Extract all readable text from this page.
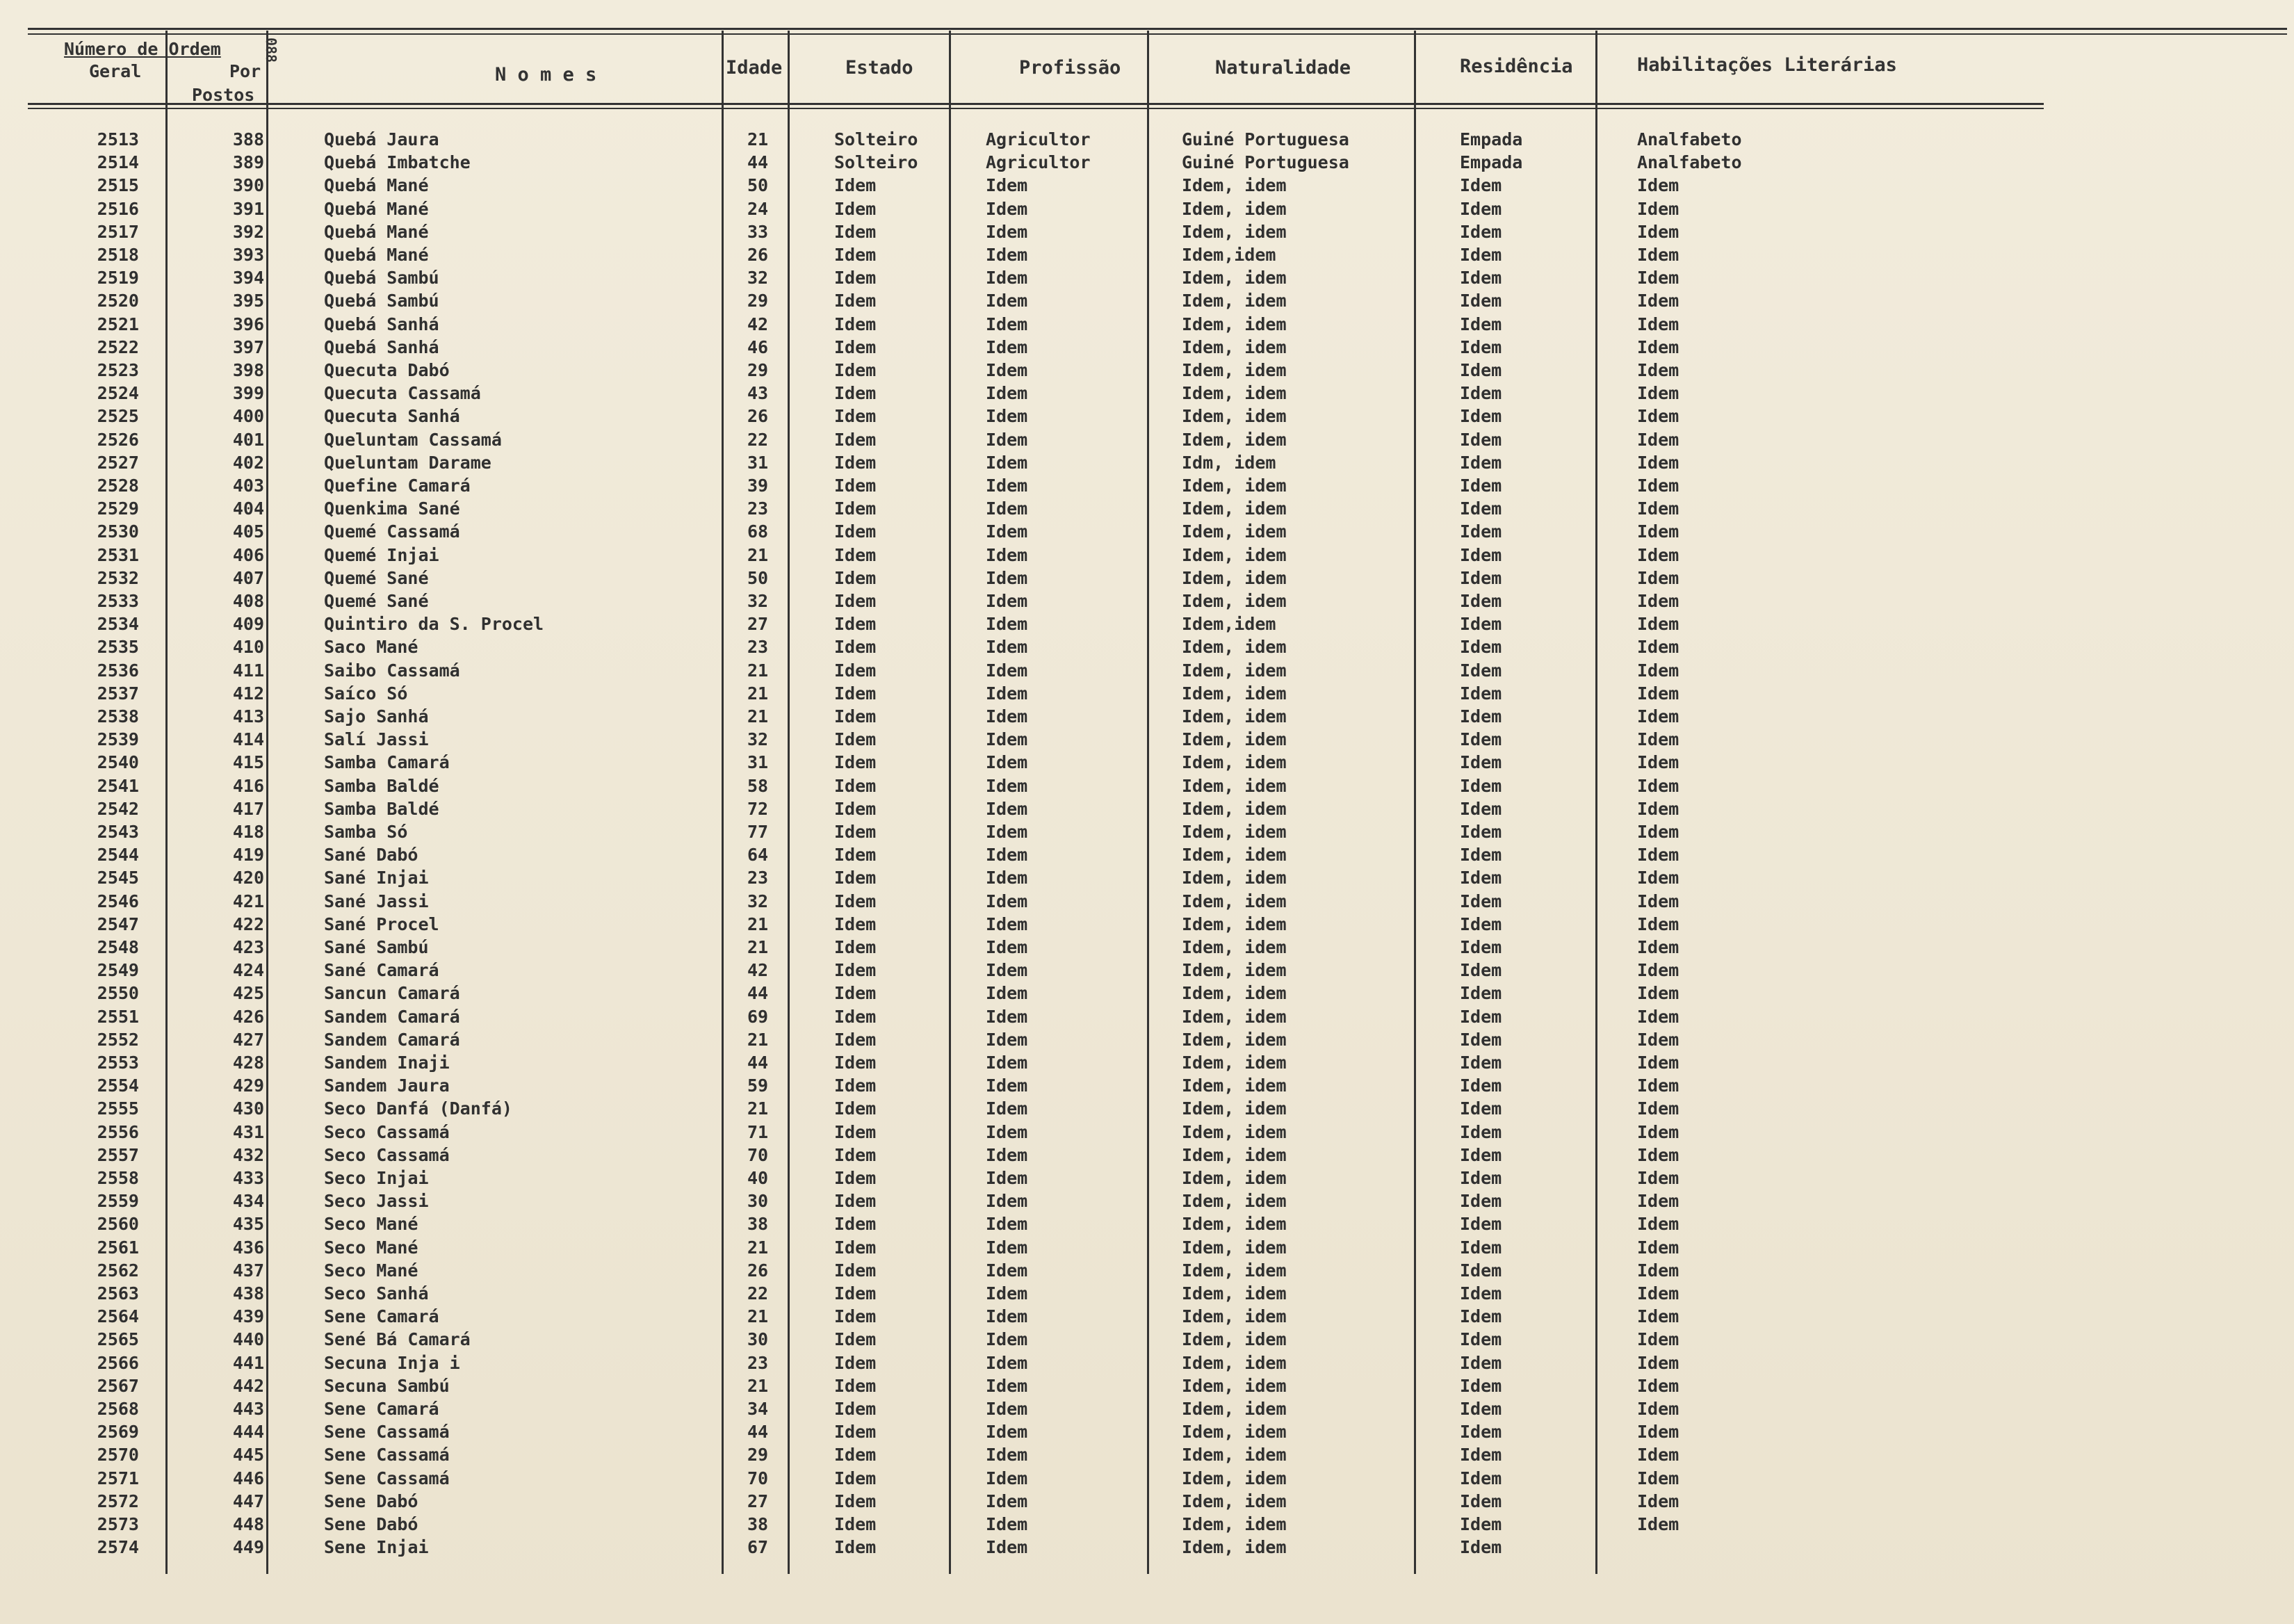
Número de Ordem
Geral	Por
Postos
088
N o m e s	Idade	Estado	Profissão	Naturalidade	Residência	Habilitações Literárias
2513	388	Quebá Jaura	21	Solteiro	Agricultor	Guiné Portuguesa	Empada	Analfabeto
2514	389	Quebá Imbatche	44	Solteiro	Agricultor	Guiné Portuguesa	Empada	Analfabeto
2515	390	Quebá Mané	50	Idem	Idem	Idem, idem	Idem	Idem
2516	391	Quebá Mané	24	Idem	Idem	Idem, idem	Idem	Idem
2517	392	Quebá Mané	33	Idem	Idem	Idem, idem	Idem	Idem
2518	393	Quebá Mané	26	Idem	Idem	Idem,idem	Idem	Idem
2519	394	Quebá Sambú	32	Idem	Idem	Idem, idem	Idem	Idem
2520	395	Quebá Sambú	29	Idem	Idem	Idem, idem	Idem	Idem
2521	396	Quebá Sanhá	42	Idem	Idem	Idem, idem	Idem	Idem
2522	397	Quebá Sanhá	46	Idem	Idem	Idem, idem	Idem	Idem
2523	398	Quecuta Dabó	29	Idem	Idem	Idem, idem	Idem	Idem
2524	399	Quecuta Cassamá	43	Idem	Idem	Idem, idem	Idem	Idem
2525	400	Quecuta Sanhá	26	Idem	Idem	Idem, idem	Idem	Idem
2526	401	Queluntam Cassamá	22	Idem	Idem	Idem, idem	Idem	Idem
2527	402	Queluntam Darame	31	Idem	Idem	Idm, idem	Idem	Idem
2528	403	Quefine Camará	39	Idem	Idem	Idem, idem	Idem	Idem
2529	404	Quenkima Sané	23	Idem	Idem	Idem, idem	Idem	Idem
2530	405	Quemé Cassamá	68	Idem	Idem	Idem, idem	Idem	Idem
2531	406	Quemé Injai	21	Idem	Idem	Idem, idem	Idem	Idem
2532	407	Quemé Sané	50	Idem	Idem	Idem, idem	Idem	Idem
2533	408	Quemé Sané	32	Idem	Idem	Idem, idem	Idem	Idem
2534	409	Quintiro da S. Procel	27	Idem	Idem	Idem,idem	Idem	Idem
2535	410	Saco Mané	23	Idem	Idem	Idem, idem	Idem	Idem
2536	411	Saibo Cassamá	21	Idem	Idem	Idem, idem	Idem	Idem
2537	412	Saíco Só	21	Idem	Idem	Idem, idem	Idem	Idem
2538	413	Sajo Sanhá	21	Idem	Idem	Idem, idem	Idem	Idem
2539	414	Salí Jassi	32	Idem	Idem	Idem, idem	Idem	Idem
2540	415	Samba Camará	31	Idem	Idem	Idem, idem	Idem	Idem
2541	416	Samba Baldé	58	Idem	Idem	Idem, idem	Idem	Idem
2542	417	Samba Baldé	72	Idem	Idem	Idem, idem	Idem	Idem
2543	418	Samba Só	77	Idem	Idem	Idem, idem	Idem	Idem
2544	419	Sané Dabó	64	Idem	Idem	Idem, idem	Idem	Idem
2545	420	Sané Injai	23	Idem	Idem	Idem, idem	Idem	Idem
2546	421	Sané Jassi	32	Idem	Idem	Idem, idem	Idem	Idem
2547	422	Sané Procel	21	Idem	Idem	Idem, idem	Idem	Idem
2548	423	Sané Sambú	21	Idem	Idem	Idem, idem	Idem	Idem
2549	424	Sané Camará	42	Idem	Idem	Idem, idem	Idem	Idem
2550	425	Sancun Camará	44	Idem	Idem	Idem, idem	Idem	Idem
2551	426	Sandem Camará	69	Idem	Idem	Idem, idem	Idem	Idem
2552	427	Sandem Camará	21	Idem	Idem	Idem, idem	Idem	Idem
2553	428	Sandem Inaji	44	Idem	Idem	Idem, idem	Idem	Idem
2554	429	Sandem Jaura	59	Idem	Idem	Idem, idem	Idem	Idem
2555	430	Seco Danfá (Danfá)	21	Idem	Idem	Idem, idem	Idem	Idem
2556	431	Seco Cassamá	71	Idem	Idem	Idem, idem	Idem	Idem
2557	432	Seco Cassamá	70	Idem	Idem	Idem, idem	Idem	Idem
2558	433	Seco Injai	40	Idem	Idem	Idem, idem	Idem	Idem
2559	434	Seco Jassi	30	Idem	Idem	Idem, idem	Idem	Idem
2560	435	Seco Mané	38	Idem	Idem	Idem, idem	Idem	Idem
2561	436	Seco Mané	21	Idem	Idem	Idem, idem	Idem	Idem
2562	437	Seco Mané	26	Idem	Idem	Idem, idem	Idem	Idem
2563	438	Seco Sanhá	22	Idem	Idem	Idem, idem	Idem	Idem
2564	439	Sene Camará	21	Idem	Idem	Idem, idem	Idem	Idem
2565	440	Sené Bá Camará	30	Idem	Idem	Idem, idem	Idem	Idem
2566	441	Secuna Inja i	23	Idem	Idem	Idem, idem	Idem	Idem
2567	442	Secuna Sambú	21	Idem	Idem	Idem, idem	Idem	Idem
2568	443	Sene Camará	34	Idem	Idem	Idem, idem	Idem	Idem
2569	444	Sene Cassamá	44	Idem	Idem	Idem, idem	Idem	Idem
2570	445	Sene Cassamá	29	Idem	Idem	Idem, idem	Idem	Idem
2571	446	Sene Cassamá	70	Idem	Idem	Idem, idem	Idem	Idem
2572	447	Sene Dabó	27	Idem	Idem	Idem, idem	Idem	Idem
2573	448	Sene Dabó	38	Idem	Idem	Idem, idem	Idem	Idem
2574	449	Sene Injai	67	Idem	Idem	Idem, idem	Idem
